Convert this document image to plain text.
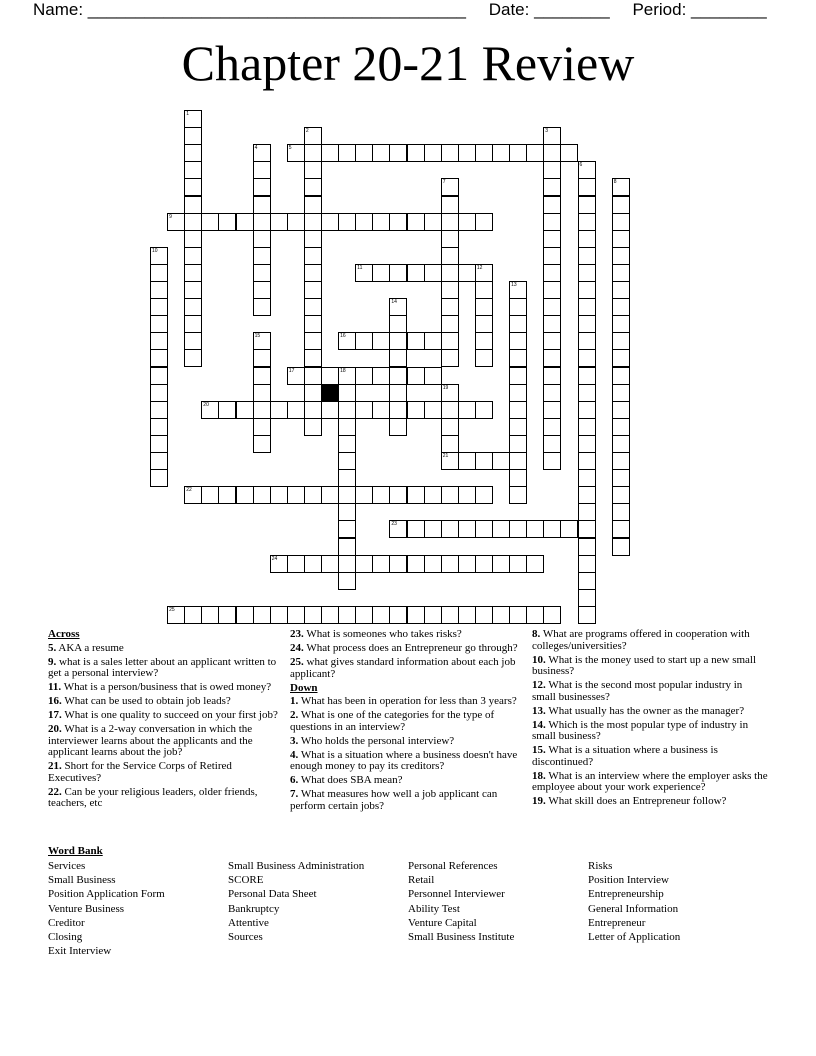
Name: ________________________________________ Date: ________ Period: ________
Chapter 20-21 Review
5
9
11	12
16
17	18
20
21
22
23
24
25
1
2	3
4
6
7	8
10
13
14
15
19
Across
5. AKA a resume
9. what is a sales letter about an applicant written to get a personal interview?
11. What is a person/business that is owed money?
16. What can be used to obtain job leads?
17. What is one quality to succeed on your first job?
20. What is a 2-way conversation in which the interviewer learns about the applicants and the applicant learns about the job?
21. Short for the Service Corps of Retired Executives?
22. Can be your religious leaders, older friends, teachers, etc
23. What is someones who takes risks?
24. What process does an Entrepreneur go through?
25. what gives standard information about each job applicant?
Down
1. What has been in operation for less than 3 years?
2. What is one of the categories for the type of questions in an interview?
3. Who holds the personal interview?
4. What is a situation where a business doesn't have enough money to pay its creditors?
6. What does SBA mean?
7. What measures how well a job applicant can perform certain jobs?
8. What are programs offered in cooperation with colleges/universities?
10. What is the money used to start up a new small business?
12. What is the second most popular industry in small businesses?
13. What usually has the owner as the manager?
14. Which is the most popular type of industry in small business?
15. What is a situation where a business is discontinued?
18. What is an interview where the employer asks the employee about your work experience?
19. What skill does an Entrepreneur follow?
Word Bank
Services
Small Business
Position Application Form
Venture Business
Creditor
Closing
Exit Interview
Small Business Administration
SCORE
Personal Data Sheet
Bankruptcy
Attentive
Sources
Personal References
Retail
Personnel Interviewer
Ability Test
Venture Capital
Small Business Institute
Risks
Position Interview
Entrepreneurship
General Information
Entrepreneur
Letter of Application
